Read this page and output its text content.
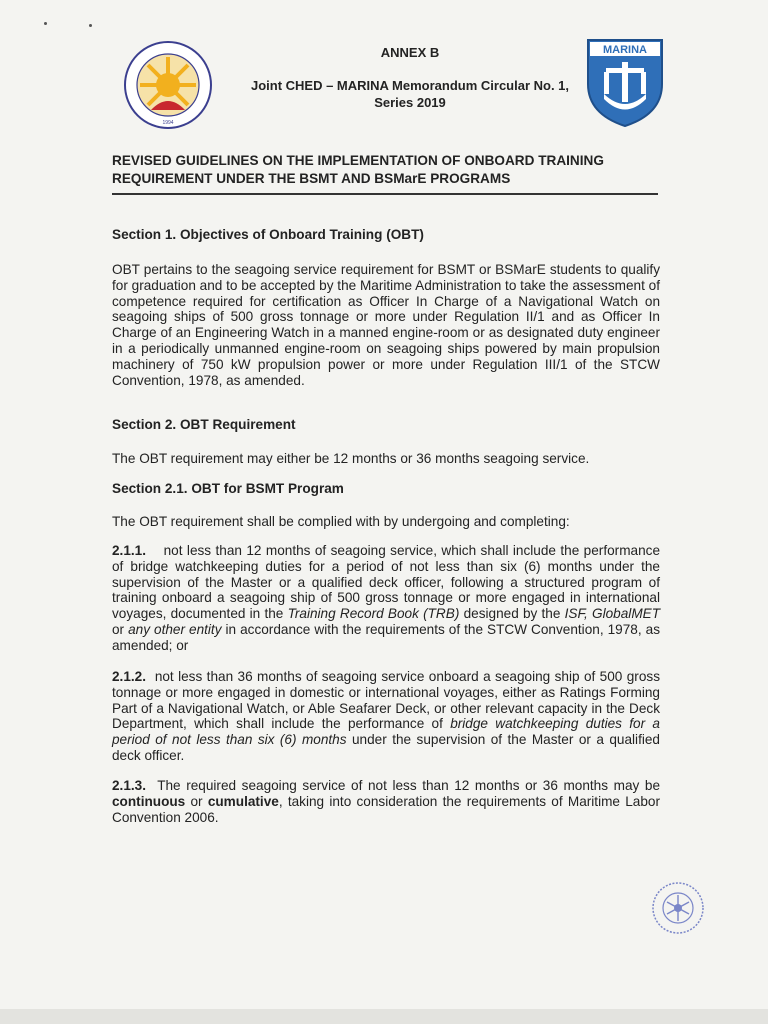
1994
ANNEX B
Joint CHED – MARINA Memorandum Circular No. 1,
Series 2019
MARINA
REVISED GUIDELINES ON THE IMPLEMENTATION OF ONBOARD TRAINING
REQUIREMENT UNDER THE BSMT AND BSMarE PROGRAMS
Section 1. Objectives of Onboard Training (OBT)
OBT pertains to the seagoing service requirement for BSMT or BSMarE students to qualify for graduation and to be accepted by the Maritime Administration to take the assessment of competence required for certification as Officer In Charge of a Navigational Watch on seagoing ships of 500 gross tonnage or more under Regulation II/1 and as Officer In Charge of an Engineering Watch in a manned engine-room or as designated duty engineer in a periodically unmanned engine-room on seagoing ships powered by main propulsion machinery of 750 kW propulsion power or more under Regulation III/1 of the STCW Convention, 1978, as amended.
Section 2. OBT Requirement
The OBT requirement may either be 12 months or 36 months seagoing service.
Section 2.1. OBT for BSMT Program
The OBT requirement shall be complied with by undergoing and completing:
2.1.1. not less than 12 months of seagoing service, which shall include the performance of bridge watchkeeping duties for a period of not less than six (6) months under the supervision of the Master or a qualified deck officer, following a structured program of training onboard a seagoing ship of 500 gross tonnage or more engaged in international voyages, documented in the Training Record Book (TRB) designed by the ISF, GlobalMET or any other entity in accordance with the requirements of the STCW Convention, 1978, as amended; or
2.1.2. not less than 36 months of seagoing service onboard a seagoing ship of 500 gross tonnage or more engaged in domestic or international voyages, either as Ratings Forming Part of a Navigational Watch, or Able Seafarer Deck, or other relevant capacity in the Deck Department, which shall include the performance of bridge watchkeeping duties for a period of not less than six (6) months under the supervision of the Master or a qualified deck officer.
2.1.3. The required seagoing service of not less than 12 months or 36 months may be continuous or cumulative, taking into consideration the requirements of Maritime Labor Convention 2006.
